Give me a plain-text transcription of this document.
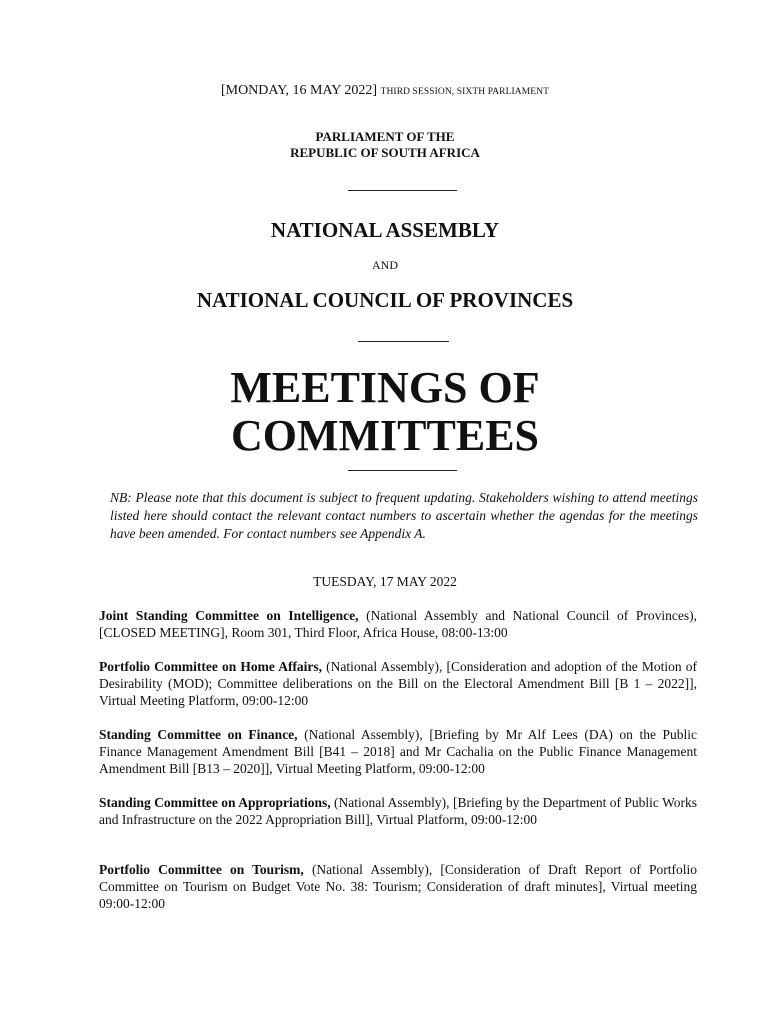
[MONDAY, 16 MAY 2022] THIRD SESSION, SIXTH PARLIAMENT
PARLIAMENT OF THE
REPUBLIC OF SOUTH AFRICA
NATIONAL ASSEMBLY
AND
NATIONAL COUNCIL OF PROVINCES
MEETINGS OF
COMMITTEES
NB: Please note that this document is subject to frequent updating. Stakeholders wishing to attend meetings listed here should contact the relevant contact numbers to ascertain whether the agendas for the meetings have been amended. For contact numbers see Appendix A.
TUESDAY, 17 MAY 2022
Joint Standing Committee on Intelligence, (National Assembly and National Council of Provinces), [CLOSED MEETING], Room 301, Third Floor, Africa House, 08:00-13:00
Portfolio Committee on Home Affairs, (National Assembly), [Consideration and adoption of the Motion of Desirability (MOD); Committee deliberations on the Bill on the Electoral Amendment Bill [B 1 – 2022]], Virtual Meeting Platform, 09:00-12:00
Standing Committee on Finance, (National Assembly), [Briefing by Mr Alf Lees (DA) on the Public Finance Management Amendment Bill [B41 – 2018] and Mr Cachalia on the Public Finance Management Amendment Bill [B13 – 2020]], Virtual Meeting Platform, 09:00-12:00
Standing Committee on Appropriations, (National Assembly), [Briefing by the Department of Public Works and Infrastructure on the 2022 Appropriation Bill], Virtual Platform, 09:00-12:00
Portfolio Committee on Tourism, (National Assembly), [Consideration of Draft Report of Portfolio Committee on Tourism on Budget Vote No. 38: Tourism; Consideration of draft minutes], Virtual meeting 09:00-12:00
